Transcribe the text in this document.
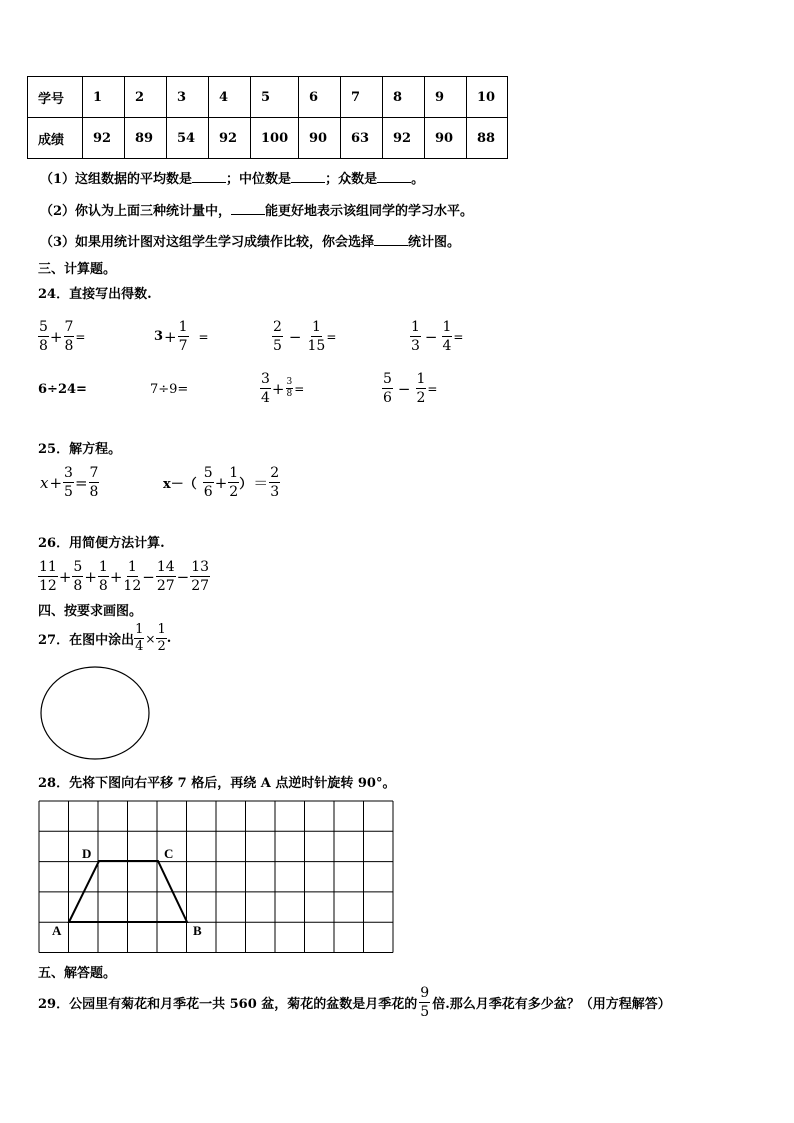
学号	1	2	3	4	5	6	7	8	9	10
成绩	92	89	54	92	100	90	63	92	90	88
（1）这组数据的平均数是	；中位数是	；众数是	。
（2）你认为上面三种统计量中，	能更好地表示该组同学的学习水平。
（3）如果用统计图对这组学生学习成绩作比较，你会选择	统计图。
三、计算题。
24．直接写出得数.
$\frac{5}{8} + \frac{7}{8}$ =	$3 + \frac{1}{7}$ =	$\frac{2}{5} - \frac{1}{15}$ =	$\frac{1}{3} - \frac{1}{4}$ =
6÷24=	7÷9=	$\frac{3}{4} + \frac{3}{8}$ =	$\frac{5}{6} - \frac{1}{2}$ =
25．解方程。
$x + \frac{3}{5} = \frac{7}{8}$	$x-( \frac{5}{6} + \frac{1}{2}$ ） ＝ $\frac{2}{3}$
26．用简便方法计算.
$\frac{11}{12} + \frac{5}{8} + \frac{1}{8} + \frac{1}{12} - \frac{14}{27} - \frac{13}{27}$
四、按要求画图。
27．在图中涂出 $\frac{1}{4} \times \frac{1}{2}$ .
28．先将下图向右平移 7 格后，再绕 A 点逆时针旋转 90°。
D	C
A	B
五、解答题。
29．公园里有菊花和月季花一共 560 盆，菊花的盆数是月季花的 $\frac{9}{5}$ 倍.那么月季花有多少盆？（用方程解答）
